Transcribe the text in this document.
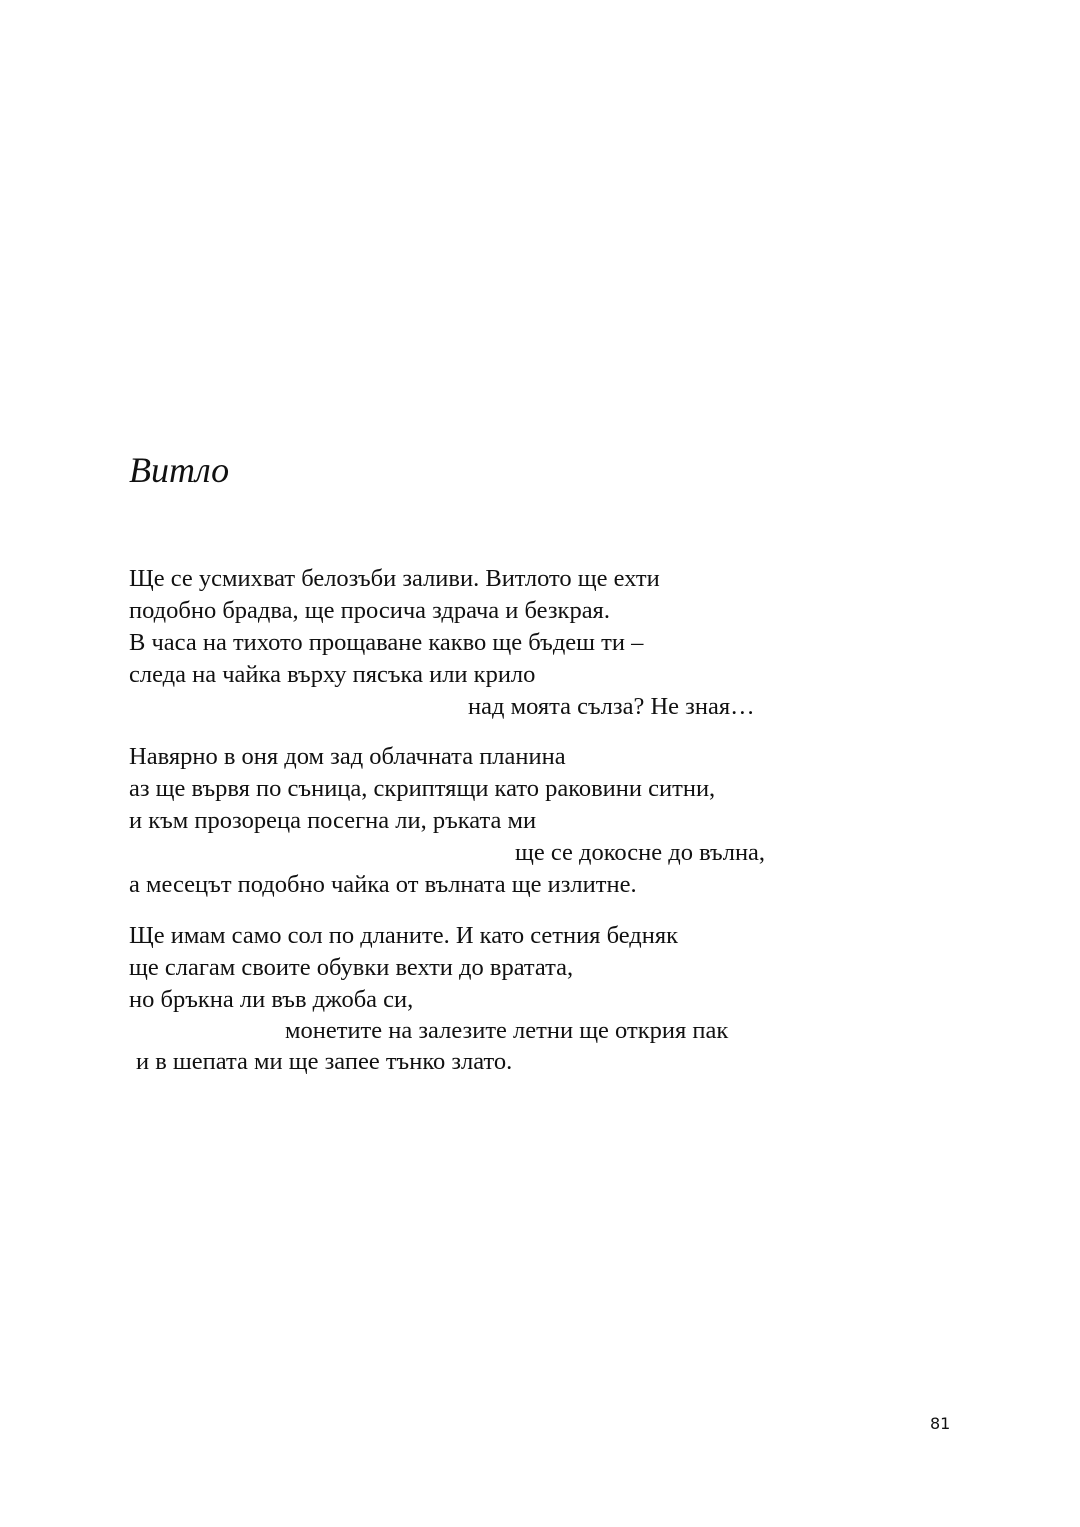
Витло

Ще се усмихват белозъби заливи. Витлото ще ехти

подобно брадва, ще просича здрача и безкрая.

В часа на тихото прощаване какво ще бъдеш ти –

следа на чайка върху пясъка или крило

над моята сълза? Не зная…

Навярно в оня дом зад облачната планина

аз ще вървя по съница, скриптящи като раковини ситни,

и към прозореца посегна ли, ръката ми

ще се докосне до вълна,

а месецът подобно чайка от вълната ще излитне.

Ще имам само сол по дланите. И като сетния бедняк

ще слагам своите обувки вехти до вратата,

но бръкна ли във джоба си,

монетите на залезите летни ще открия пак

и в шепата ми ще запее тънко злато.

81
